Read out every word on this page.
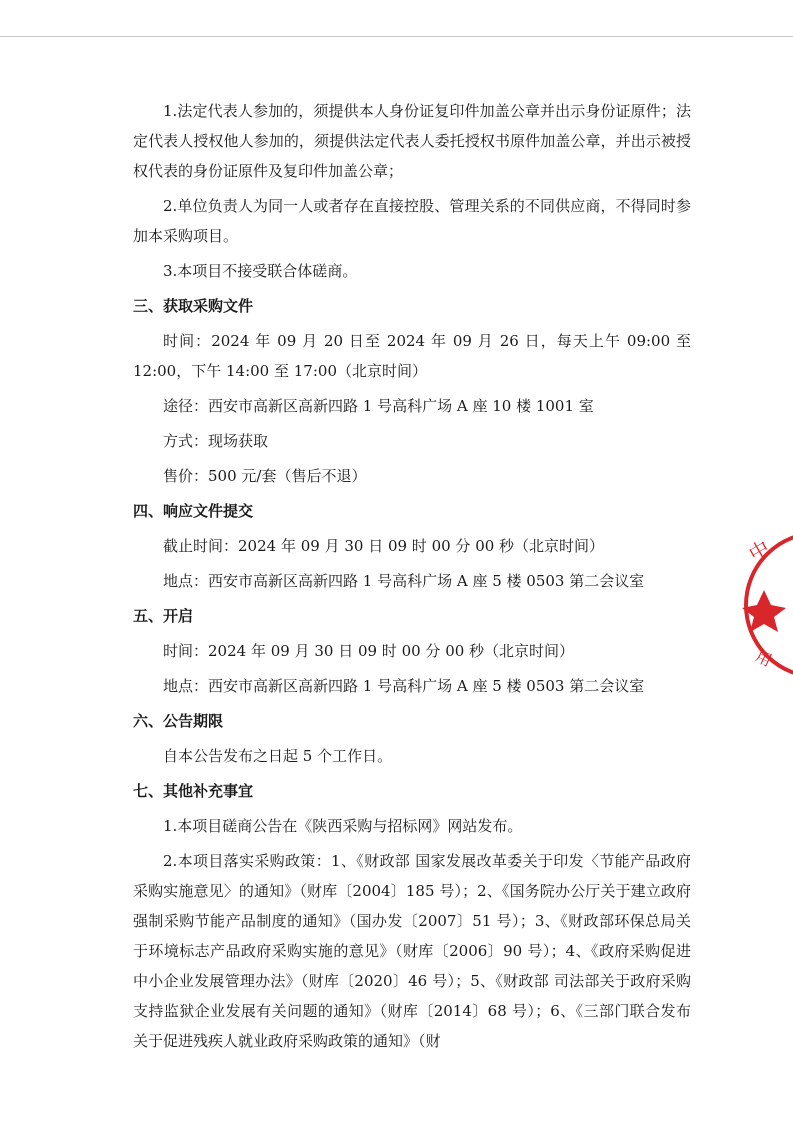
1.法定代表人参加的，须提供本人身份证复印件加盖公章并出示身份证原件；法定代表人授权他人参加的，须提供法定代表人委托授权书原件加盖公章，并出示被授权代表的身份证原件及复印件加盖公章；

2.单位负责人为同一人或者存在直接控股、管理关系的不同供应商，不得同时参加本采购项目。

3.本项目不接受联合体磋商。

三、获取采购文件

时间：2024 年 09 月 20 日至 2024 年 09 月 26 日，每天上午 09:00 至 12:00，下午 14:00 至 17:00（北京时间）

途径：西安市高新区高新四路 1 号高科广场 A 座 10 楼 1001 室

方式：现场获取

售价：500 元/套（售后不退）

四、响应文件提交

截止时间：2024 年 09 月 30 日 09 时 00 分 00 秒（北京时间）

地点：西安市高新区高新四路 1 号高科广场 A 座 5 楼 0503 第二会议室

五、开启

时间：2024 年 09 月 30 日 09 时 00 分 00 秒（北京时间）

地点：西安市高新区高新四路 1 号高科广场 A 座 5 楼 0503 第二会议室

六、公告期限

自本公告发布之日起 5 个工作日。

七、其他补充事宜

1.本项目磋商公告在《陕西采购与招标网》网站发布。

2.本项目落实采购政策：1、《财政部 国家发展改革委关于印发〈节能产品政府采购实施意见〉的通知》（财库〔2004〕185 号）；2、《国务院办公厅关于建立政府强制采购节能产品制度的通知》（国办发〔2007〕51 号）；3、《财政部环保总局关于环境标志产品政府采购实施的意见》（财库〔2006〕90 号）；4、《政府采购促进中小企业发展管理办法》（财库〔2020〕46 号）；5、《财政部 司法部关于政府采购支持监狱企业发展有关问题的通知》（财库〔2014〕68 号）；6、《三部门联合发布关于促进残疾人就业政府采购政策的通知》（财

中
用
